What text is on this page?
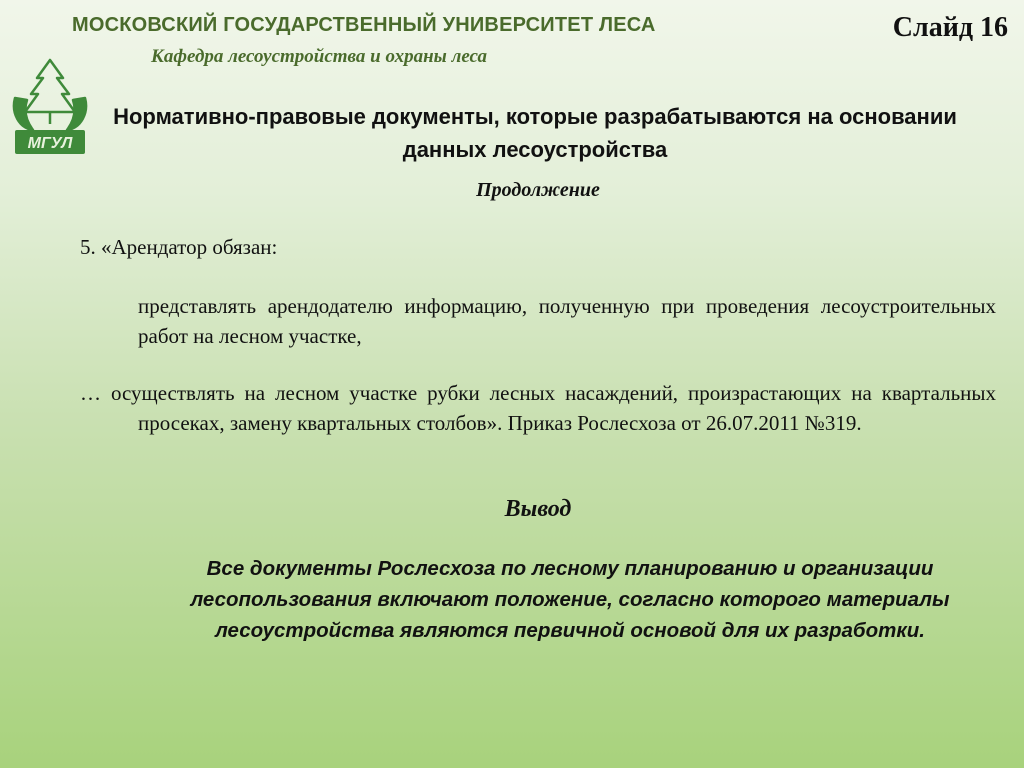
МОСКОВСКИЙ ГОСУДАРСТВЕННЫЙ УНИВЕРСИТЕТ ЛЕСА
Кафедра лесоустройства и охраны леса
Слайд 16
МГУЛ
Нормативно-правовые документы, которые разрабатываются на основании данных лесоустройства
Продолжение
5. «Арендатор обязан:
представлять арендодателю информацию, полученную при проведения лесоустроительных работ на лесном участке,
… осуществлять на лесном участке рубки лесных насаждений, произрастающих на квартальных просеках, замену квартальных столбов». Приказ Рослесхоза от 26.07.2011 №319.
Вывод
Все документы Рослесхоза по лесному планированию и организации лесопользования включают положение, согласно которого материалы лесоустройства являются первичной основой для их разработки.
